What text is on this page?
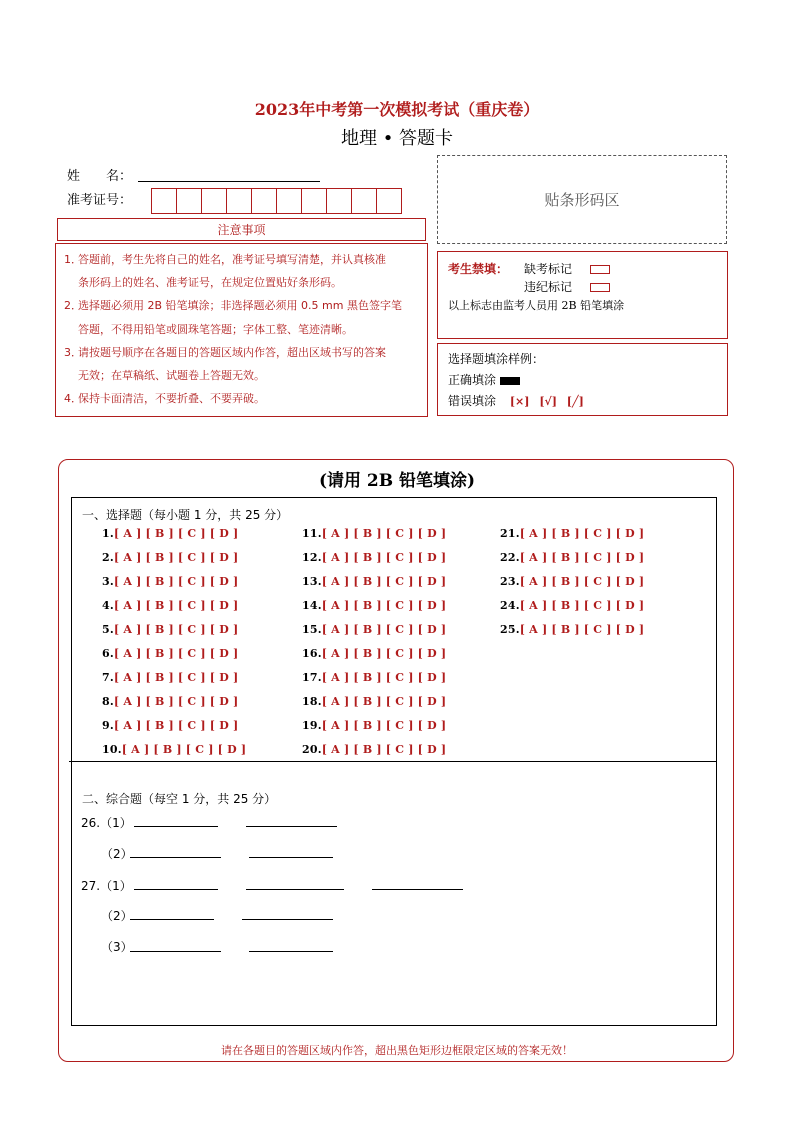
2023年中考第一次模拟考试（重庆卷）
地理 • 答题卡
姓　　名：
准考证号：	贴条形码区
注意事项
1．答题前，考生先将自己的姓名，准考证号填写清楚，并认真核准
条形码上的姓名、准考证号，在规定位置贴好条形码。
2．选择题必须用 2B 铅笔填涂；非选择题必须用 0.5 mm 黑色签字笔
答题，不得用铅笔或圆珠笔答题；字体工整、笔迹清晰。
3．请按题号顺序在各题目的答题区域内作答，超出区域书写的答案
无效；在草稿纸、试题卷上答题无效。
4．保持卡面清洁，不要折叠、不要弄破。
考生禁填： 缺考标记
违纪标记
以上标志由监考人员用 2B 铅笔填涂
选择题填涂样例：
正确填涂
错误填涂 [×] [√] [╱]
(请用 2B 铅笔填涂)
一、选择题（每小题 1 分，共 25 分）
1.[ A ] [ B ] [ C ] [ D ]
2.[ A ] [ B ] [ C ] [ D ]
3.[ A ] [ B ] [ C ] [ D ]
4.[ A ] [ B ] [ C ] [ D ]
5.[ A ] [ B ] [ C ] [ D ]
6.[ A ] [ B ] [ C ] [ D ]
7.[ A ] [ B ] [ C ] [ D ]
8.[ A ] [ B ] [ C ] [ D ]
9.[ A ] [ B ] [ C ] [ D ]
10.[ A ] [ B ] [ C ] [ D ]
11.[ A ] [ B ] [ C ] [ D ]
12.[ A ] [ B ] [ C ] [ D ]
13.[ A ] [ B ] [ C ] [ D ]
14.[ A ] [ B ] [ C ] [ D ]
15.[ A ] [ B ] [ C ] [ D ]
16.[ A ] [ B ] [ C ] [ D ]
17.[ A ] [ B ] [ C ] [ D ]
18.[ A ] [ B ] [ C ] [ D ]
19.[ A ] [ B ] [ C ] [ D ]
20.[ A ] [ B ] [ C ] [ D ]
21.[ A ] [ B ] [ C ] [ D ]
22.[ A ] [ B ] [ C ] [ D ]
23.[ A ] [ B ] [ C ] [ D ]
24.[ A ] [ B ] [ C ] [ D ]
25.[ A ] [ B ] [ C ] [ D ]
二、综合题（每空 1 分，共 25 分）
26.（1）
（2）
27.（1）
（2）
（3）
请在各题目的答题区域内作答，超出黑色矩形边框限定区域的答案无效！
